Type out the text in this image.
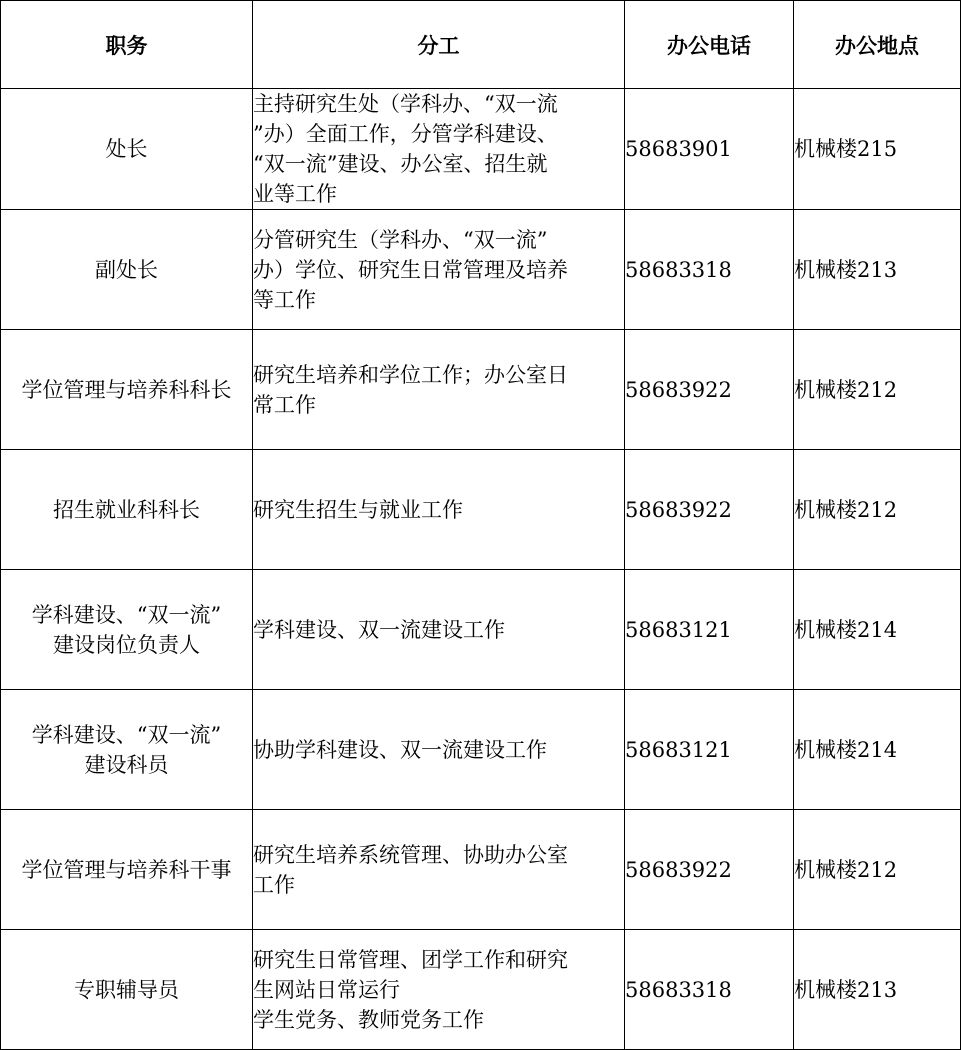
职务	分工	办公电话	办公地点

处长	主持研究生处（学科办、“双一流
”办）全面工作，分管学科建设、
“双一流”建设、办公室、招生就
业等工作	58683901	机械楼215

副处长	分管研究生（学科办、“双一流”
办）学位、研究生日常管理及培养
等工作	58683318	机械楼213

学位管理与培养科科长	研究生培养和学位工作；办公室日
常工作	58683922	机械楼212

招生就业科科长	研究生招生与就业工作	58683922	机械楼212

学科建设、“双一流”
建设岗位负责人	学科建设、双一流建设工作	58683121	机械楼214

学科建设、“双一流”
建设科员	协助学科建设、双一流建设工作	58683121	机械楼214

学位管理与培养科干事	研究生培养系统管理、协助办公室
工作	58683922	机械楼212

专职辅导员	研究生日常管理、团学工作和研究
生网站日常运行
学生党务、教师党务工作	58683318	机械楼213
